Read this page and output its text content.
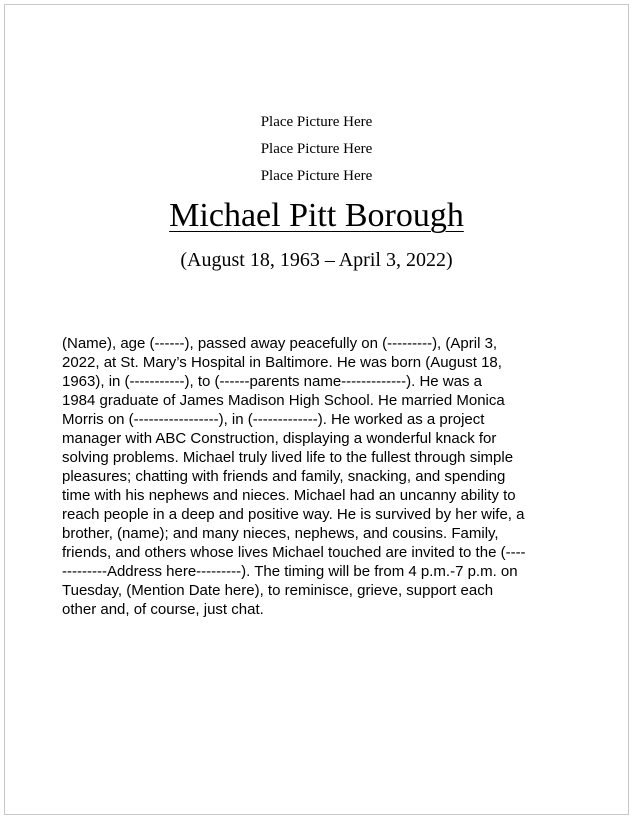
Place Picture Here
Place Picture Here
Place Picture Here
Michael Pitt Borough
(August 18, 1963 – April 3, 2022)
(Name), age (------), passed away peacefully on (---------), (April 3,
2022, at St. Mary’s Hospital in Baltimore. He was born (August 18,
1963), in (-----------), to (------parents name-------------). He was a
1984 graduate of James Madison High School. He married Monica
Morris on (-----------------), in (-------------). He worked as a project
manager with ABC Construction, displaying a wonderful knack for
solving problems. Michael truly lived life to the fullest through simple
pleasures; chatting with friends and family, snacking, and spending
time with his nephews and nieces. Michael had an uncanny ability to
reach people in a deep and positive way. He is survived by her wife, a
brother, (name); and many nieces, nephews, and cousins. Family,
friends, and others whose lives Michael touched are invited to the (----
---------Address here---------). The timing will be from 4 p.m.-7 p.m. on
Tuesday, (Mention Date here), to reminisce, grieve, support each
other and, of course, just chat.
